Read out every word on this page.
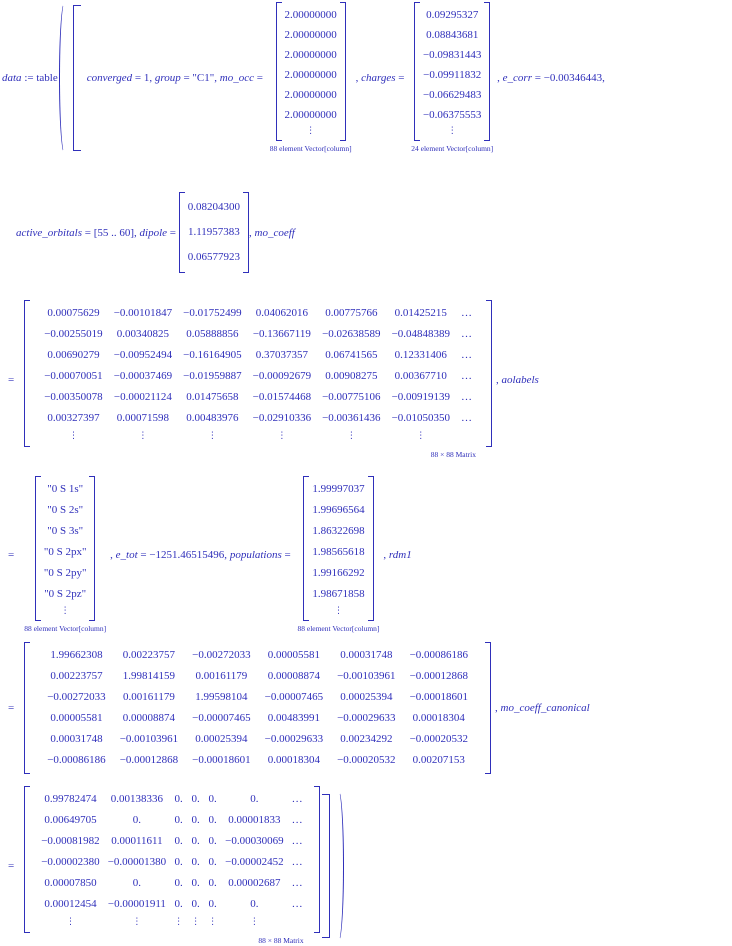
data := table	converged = 1, group = "C1", mo_occ =
2.00000000
2.00000000
2.00000000
2.00000000
2.00000000
2.00000000
⋮
88 element Vector[column]
, charges =
0.09295327
0.08843681
−0.09831443
−0.09911832
−0.06629483
−0.06375553
⋮
24 element Vector[column]
, e_corr = −0.00346443,
active_orbitals = [55 .. 60], dipole =
0.08204300
1.11957383
0.06577923
, mo_coeff
=
0.00075629	−0.00101847	−0.01752499	0.04062016	0.00775766	0.01425215	…
−0.00255019	0.00340825	0.05888856	−0.13667119	−0.02638589	−0.04848389	…
0.00690279	−0.00952494	−0.16164905	0.37037357	0.06741565	0.12331406	…
−0.00070051	−0.00037469	−0.01959887	−0.00092679	0.00908275	0.00367710	…
−0.00350078	−0.00021124	0.01475658	−0.01574468	−0.00775106	−0.00919139	…
0.00327397	0.00071598	0.00483976	−0.02910336	−0.00361436	−0.01050350	…
⋮	⋮	⋮	⋮	⋮	⋮	
88 × 88 Matrix
, aolabels
=
"0 S 1s"
"0 S 2s"
"0 S 3s"
"0 S 2px"
"0 S 2py"
"0 S 2pz"
⋮
88 element Vector[column]
, e_tot = −1251.46515496, populations =
1.99997037
1.99696564
1.86322698
1.98565618
1.99166292
1.98671858
⋮
88 element Vector[column]
, rdm1
=
1.99662308	0.00223757	−0.00272033	0.00005581	0.00031748	−0.00086186
0.00223757	1.99814159	0.00161179	0.00008874	−0.00103961	−0.00012868
−0.00272033	0.00161179	1.99598104	−0.00007465	0.00025394	−0.00018601
0.00005581	0.00008874	−0.00007465	0.00483991	−0.00029633	0.00018304
0.00031748	−0.00103961	0.00025394	−0.00029633	0.00234292	−0.00020532
−0.00086186	−0.00012868	−0.00018601	0.00018304	−0.00020532	0.00207153
, mo_coeff_canonical
=
0.99782474	0.00138336	0.	0.	0.	0.	…
0.00649705	0.	0.	0.	0.	0.00001833	…
−0.00081982	0.00011611	0.	0.	0.	−0.00030069	…
−0.00002380	−0.00001380	0.	0.	0.	−0.00002452	…
0.00007850	0.	0.	0.	0.	0.00002687	…
0.00012454	−0.00001911	0.	0.	0.	0.	…
⋮	⋮	⋮	⋮	⋮	⋮	
88 × 88 Matrix
